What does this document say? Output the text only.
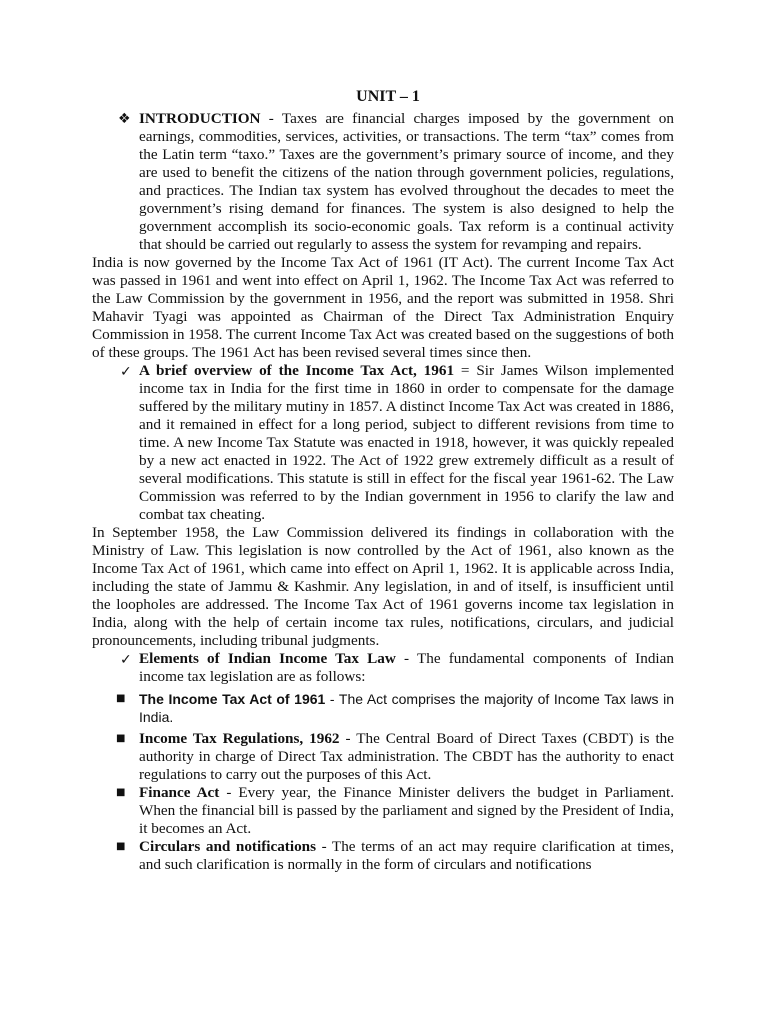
UNIT – 1
❖ INTRODUCTION - Taxes are financial charges imposed by the government on earnings, commodities, services, activities, or transactions. The term “tax” comes from the Latin term “taxo.” Taxes are the government’s primary source of income, and they are used to benefit the citizens of the nation through government policies, regulations, and practices. The Indian tax system has evolved throughout the decades to meet the government’s rising demand for finances. The system is also designed to help the government accomplish its socio-economic goals. Tax reform is a continual activity that should be carried out regularly to assess the system for revamping and repairs.

India is now governed by the Income Tax Act of 1961 (IT Act). The current Income Tax Act was passed in 1961 and went into effect on April 1, 1962. The Income Tax Act was referred to the Law Commission by the government in 1956, and the report was submitted in 1958. Shri Mahavir Tyagi was appointed as Chairman of the Direct Tax Administration Enquiry Commission in 1958. The current Income Tax Act was created based on the suggestions of both of these groups. The 1961 Act has been revised several times since then.

✓ A brief overview of the Income Tax Act, 1961 = Sir James Wilson implemented income tax in India for the first time in 1860 in order to compensate for the damage suffered by the military mutiny in 1857. A distinct Income Tax Act was created in 1886, and it remained in effect for a long period, subject to different revisions from time to time. A new Income Tax Statute was enacted in 1918, however, it was quickly repealed by a new act enacted in 1922. The Act of 1922 grew extremely difficult as a result of several modifications. This statute is still in effect for the fiscal year 1961-62. The Law Commission was referred to by the Indian government in 1956 to clarify the law and combat tax cheating.

In September 1958, the Law Commission delivered its findings in collaboration with the Ministry of Law. This legislation is now controlled by the Act of 1961, also known as the Income Tax Act of 1961, which came into effect on April 1, 1962. It is applicable across India, including the state of Jammu & Kashmir. Any legislation, in and of itself, is insufficient until the loopholes are addressed. The Income Tax Act of 1961 governs income tax legislation in India, along with the help of certain income tax rules, notifications, circulars, and judicial pronouncements, including tribunal judgments.

✓ Elements of Indian Income Tax Law - The fundamental components of Indian income tax legislation are as follows:
■ The Income Tax Act of 1961 - The Act comprises the majority of Income Tax laws in India.
■ Income Tax Regulations, 1962 - The Central Board of Direct Taxes (CBDT) is the authority in charge of Direct Tax administration. The CBDT has the authority to enact regulations to carry out the purposes of this Act.
■ Finance Act - Every year, the Finance Minister delivers the budget in Parliament. When the financial bill is passed by the parliament and signed by the President of India, it becomes an Act.
■ Circulars and notifications - The terms of an act may require clarification at times, and such clarification is normally in the form of circulars and notifications
